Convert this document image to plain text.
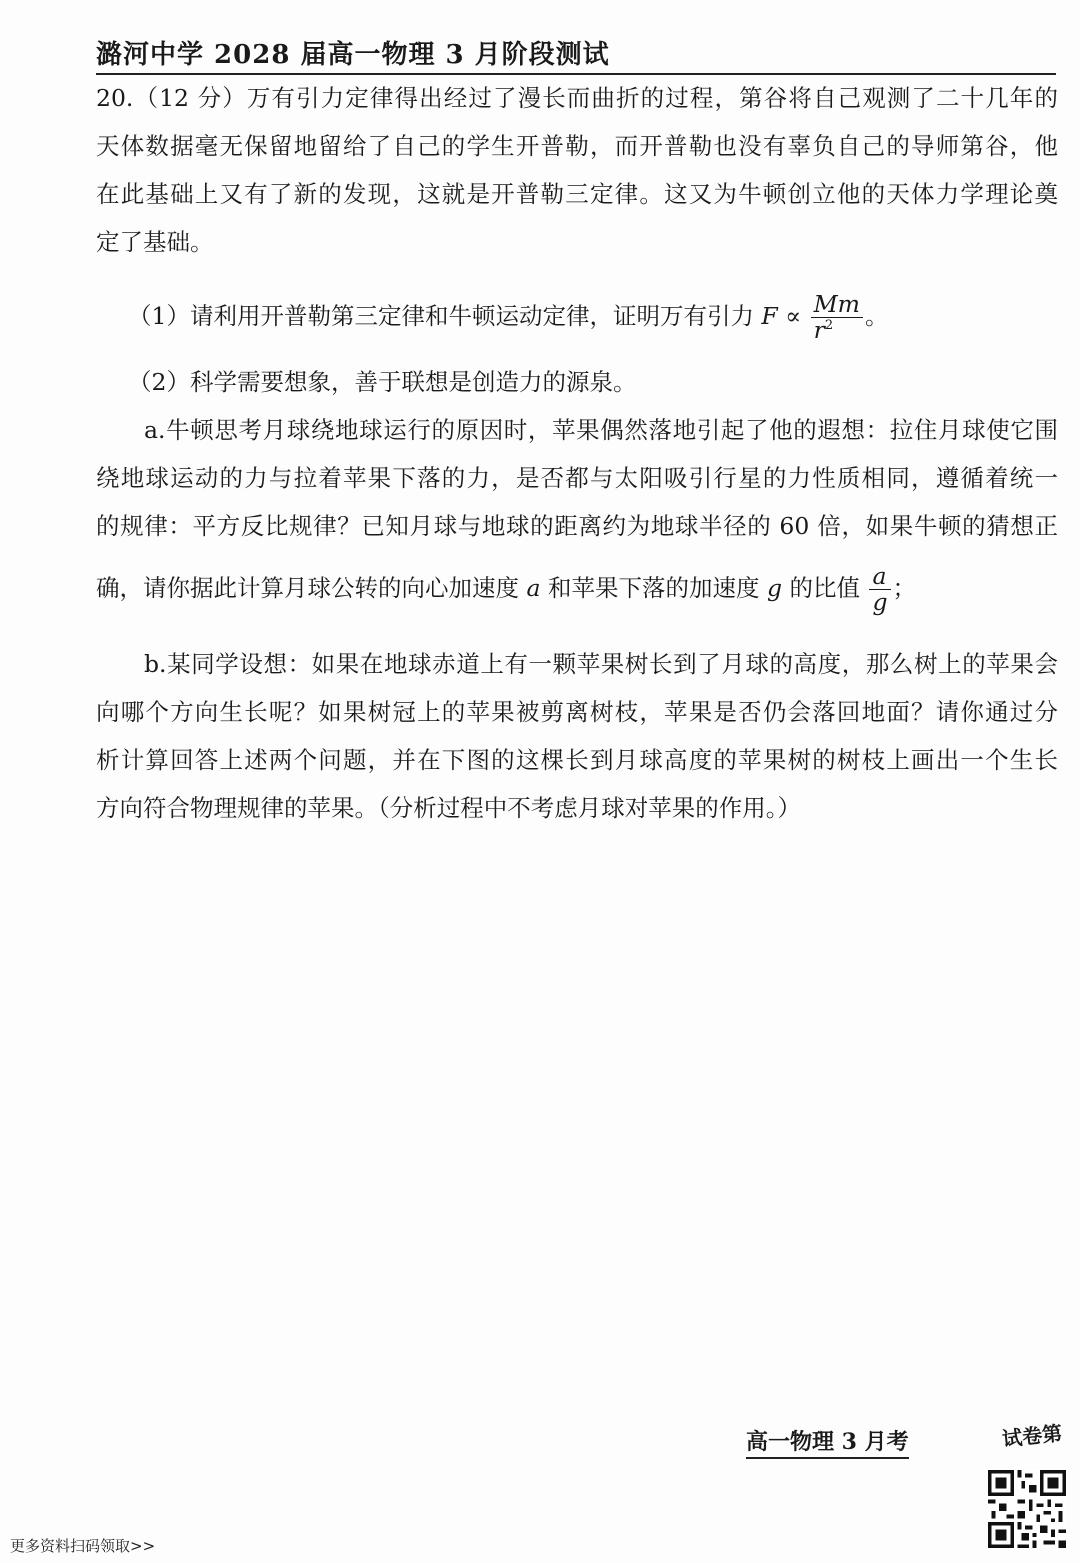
潞河中学 2028 届高一物理 3 月阶段测试

20.（12 分）万有引力定律得出经过了漫长而曲折的过程，第谷将自己观测了二十几年的

天体数据毫无保留地留给了自己的学生开普勒，而开普勒也没有辜负自己的导师第谷，他

在此基础上又有了新的发现，这就是开普勒三定律。这又为牛顿创立他的天体力学理论奠

定了基础。

（1）请利用开普勒第三定律和牛顿运动定律，证明万有引力 $F \propto \frac{Mm}{r^2}$ 。

（2）科学需要想象，善于联想是创造力的源泉。

a.牛顿思考月球绕地球运行的原因时，苹果偶然落地引起了他的遐想：拉住月球使它围

绕地球运动的力与拉着苹果下落的力，是否都与太阳吸引行星的力性质相同，遵循着统一

的规律：平方反比规律？已知月球与地球的距离约为地球半径的 60 倍，如果牛顿的猜想正

确，请你据此计算月球公转的向心加速度 a 和苹果下落的加速度 g 的比值 $\frac{a}{g}$ ；

b.某同学设想：如果在地球赤道上有一颗苹果树长到了月球的高度，那么树上的苹果会

向哪个方向生长呢？如果树冠上的苹果被剪离树枝，苹果是否仍会落回地面？请你通过分

析计算回答上述两个问题，并在下图的这棵长到月球高度的苹果树的树枝上画出一个生长

方向符合物理规律的苹果。（分析过程中不考虑月球对苹果的作用。）

高一物理 3 月考	试卷第
更多资料扫码领取>>
